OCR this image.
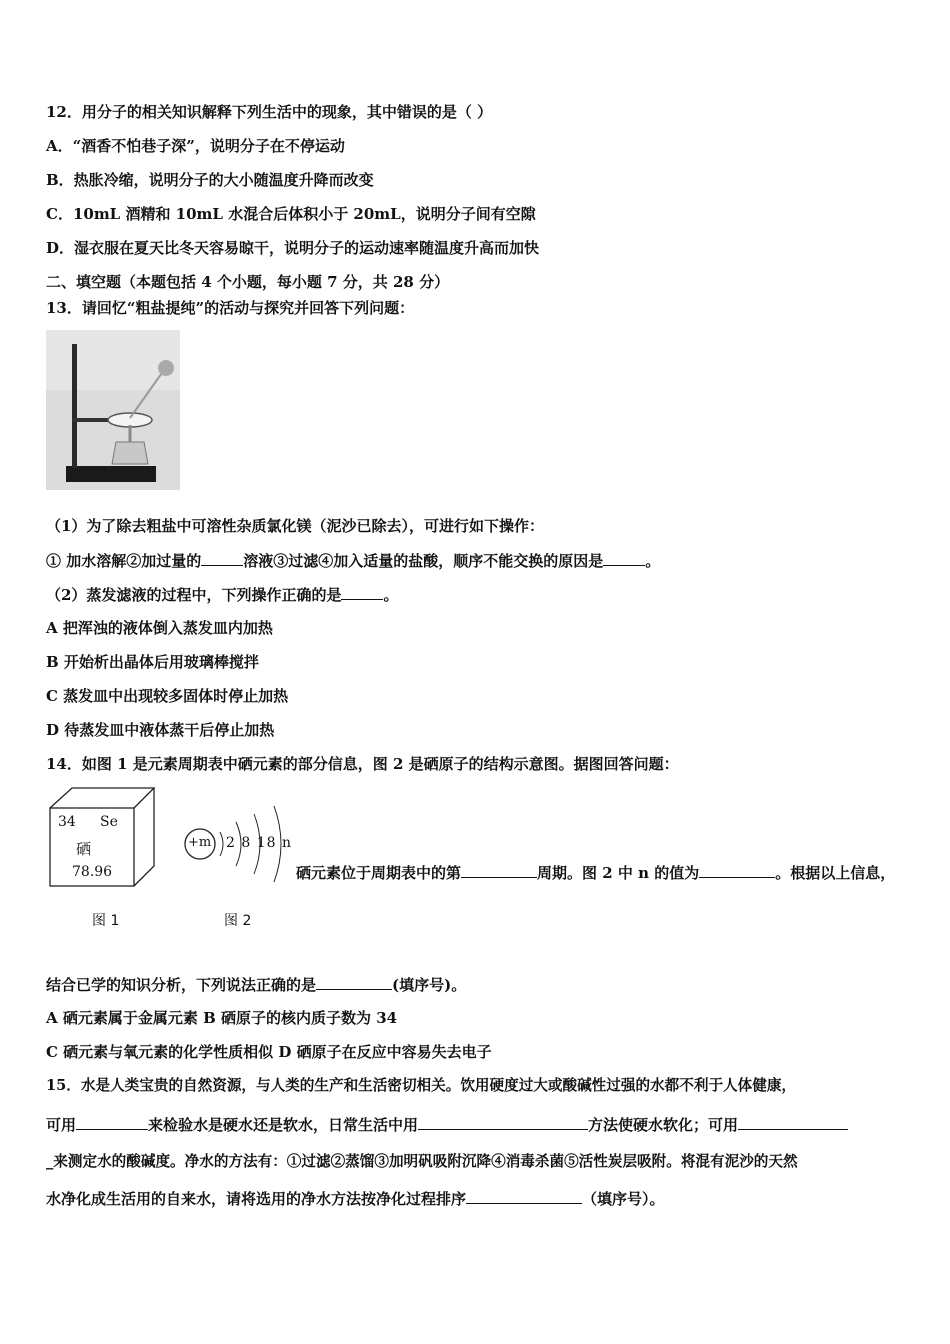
12．用分子的相关知识解释下列生活中的现象，其中错误的是（ ）
A．“酒香不怕巷子深”，说明分子在不停运动
B．热胀冷缩，说明分子的大小随温度升降而改变
C．10mL 酒精和 10mL 水混合后体积小于 20mL，说明分子间有空隙
D．湿衣服在夏天比冬天容易晾干，说明分子的运动速率随温度升高而加快
二、填空题（本题包括 4 个小题，每小题 7 分，共 28 分）
13．请回忆“粗盐提纯”的活动与探究并回答下列问题：
（1）为了除去粗盐中可溶性杂质氯化镁（泥沙已除去），可进行如下操作：
① 加水溶解②加过量的	溶液③过滤④加入适量的盐酸，顺序不能交换的原因是	。
（2）蒸发滤液的过程中，下列操作正确的是	。
A 把浑浊的液体倒入蒸发皿内加热
B 开始析出晶体后用玻璃棒搅拌
C 蒸发皿中出现较多固体时停止加热
D 待蒸发皿中液体蒸干后停止加热
14．如图 1 是元素周期表中硒元素的部分信息，图 2 是硒原子的结构示意图。据图回答问题：
34 Se
硒
78.96
+m 2 8 18 n
硒元素位于周期表中的第	周期。图 2 中 n 的值为	。根据以上信息，
图 1	图 2
结合已学的知识分析，下列说法正确的是	(填序号)。
A 硒元素属于金属元素 B 硒原子的核内质子数为 34
C 硒元素与氧元素的化学性质相似 D 硒原子在反应中容易失去电子
15．水是人类宝贵的自然资源，与人类的生产和生活密切相关。饮用硬度过大或酸碱性过强的水都不利于人体健康，
可用	来检验水是硬水还是软水，日常生活中用	方法使硬水软化；可用
_来测定水的酸碱度。净水的方法有：①过滤②蒸馏③加明矾吸附沉降④消毒杀菌⑤活性炭层吸附。将混有泥沙的天然
水净化成生活用的自来水，请将选用的净水方法按净化过程排序	（填序号）。
